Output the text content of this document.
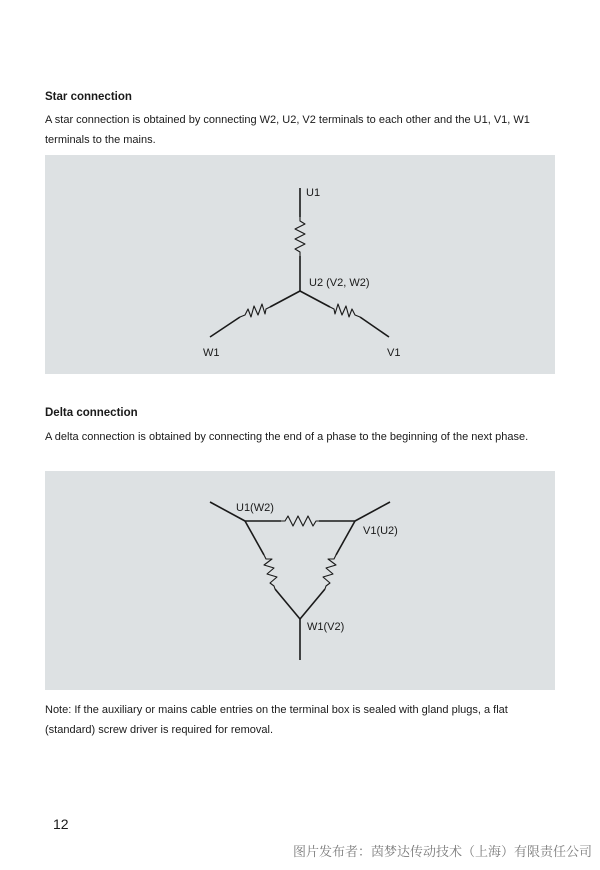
Star connection
A star connection is obtained by connecting W2, U2, V2 terminals to each other and the U1, V1, W1 terminals to the mains.
U1
U2 (V2, W2)
W1	V1
Delta connection
A delta connection is obtained by connecting the end of a phase to the beginning of the next phase.
U1(W2)
V1(U2)
W1(V2)
Note: If the auxiliary or mains cable entries on the terminal box is sealed with gland plugs, a flat (standard) screw driver is required for removal.
12
图片发布者：茵梦达传动技术（上海）有限责任公司
